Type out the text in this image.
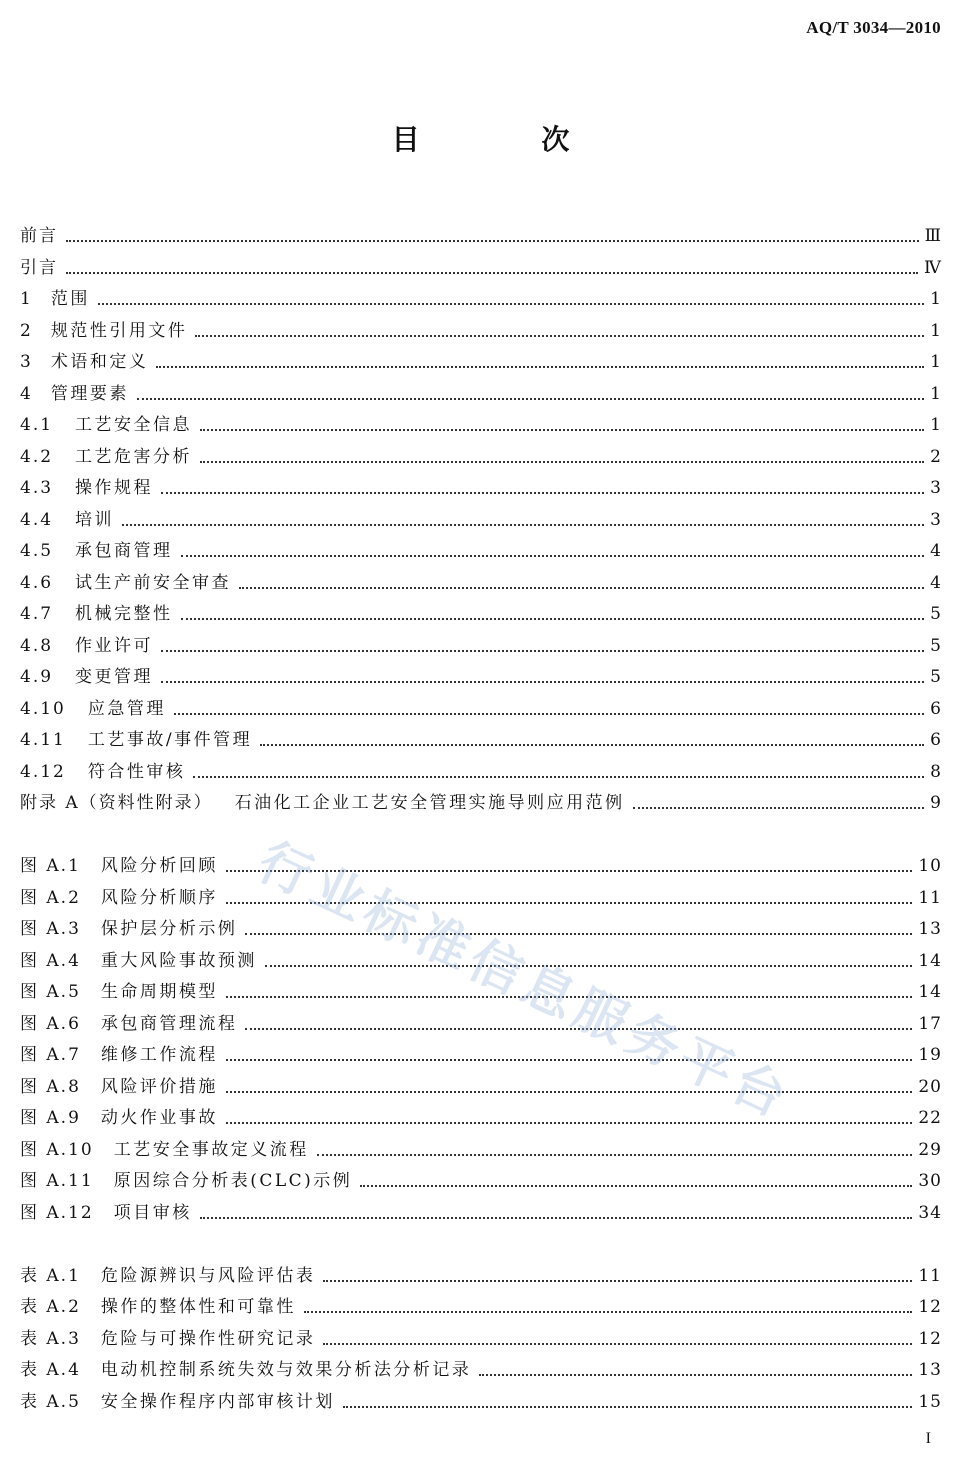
AQ/T 3034—2010
目 次
前言	Ⅲ
引言	Ⅳ
1 范围	1
2 规范性引用文件	1
3 术语和定义	1
4 管理要素	1
4.1 工艺安全信息	1
4.2 工艺危害分析	2
4.3 操作规程	3
4.4 培训	3
4.5 承包商管理	4
4.6 试生产前安全审查	4
4.7 机械完整性	5
4.8 作业许可	5
4.9 变更管理	5
4.10 应急管理	6
4.11 工艺事故/事件管理	6
4.12 符合性审核	8
附录 A（资料性附录） 石油化工企业工艺安全管理实施导则应用范例	9
图 A.1 风险分析回顾	10
图 A.2 风险分析顺序	11
图 A.3 保护层分析示例	13
图 A.4 重大风险事故预测	14
图 A.5 生命周期模型	14
图 A.6 承包商管理流程	17
图 A.7 维修工作流程	19
图 A.8 风险评价措施	20
图 A.9 动火作业事故	22
图 A.10 工艺安全事故定义流程	29
图 A.11 原因综合分析表(CLC)示例	30
图 A.12 项目审核	34
表 A.1 危险源辨识与风险评估表	11
表 A.2 操作的整体性和可靠性	12
表 A.3 危险与可操作性研究记录	12
表 A.4 电动机控制系统失效与效果分析法分析记录	13
表 A.5 安全操作程序内部审核计划	15
行业标准信息服务平台
I
